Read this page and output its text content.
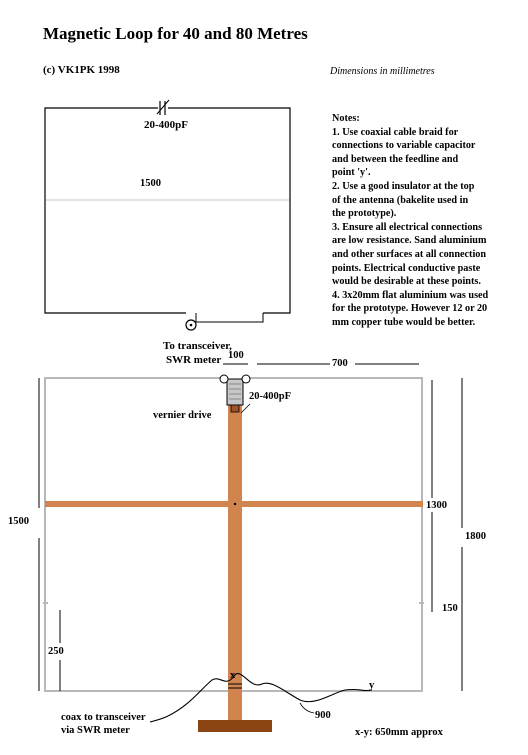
Magnetic Loop for 40 and 80 Metres
(c) VK1PK 1998	Dimensions in millimetres
Notes:
1. Use coaxial cable braid for
connections to variable capacitor
and between the feedline and
point 'y'.
2. Use a good insulator at the top
of the antenna (bakelite used in
the prototype).
3. Ensure all electrical connections
are low resistance. Sand aluminium
and other surfaces at all connection
points. Electrical conductive paste
would be desirable at these points.
4. 3x20mm flat aluminium was used
for the prototype. However 12 or 20
mm copper tube would be better.
20-400pF
1500
To transceiver,
SWR meter 100
700
20-400pF
vernier drive
1500
1300
1800
150
250
x
y
900
coax to transceiver
via SWR meter	x-y: 650mm approx
